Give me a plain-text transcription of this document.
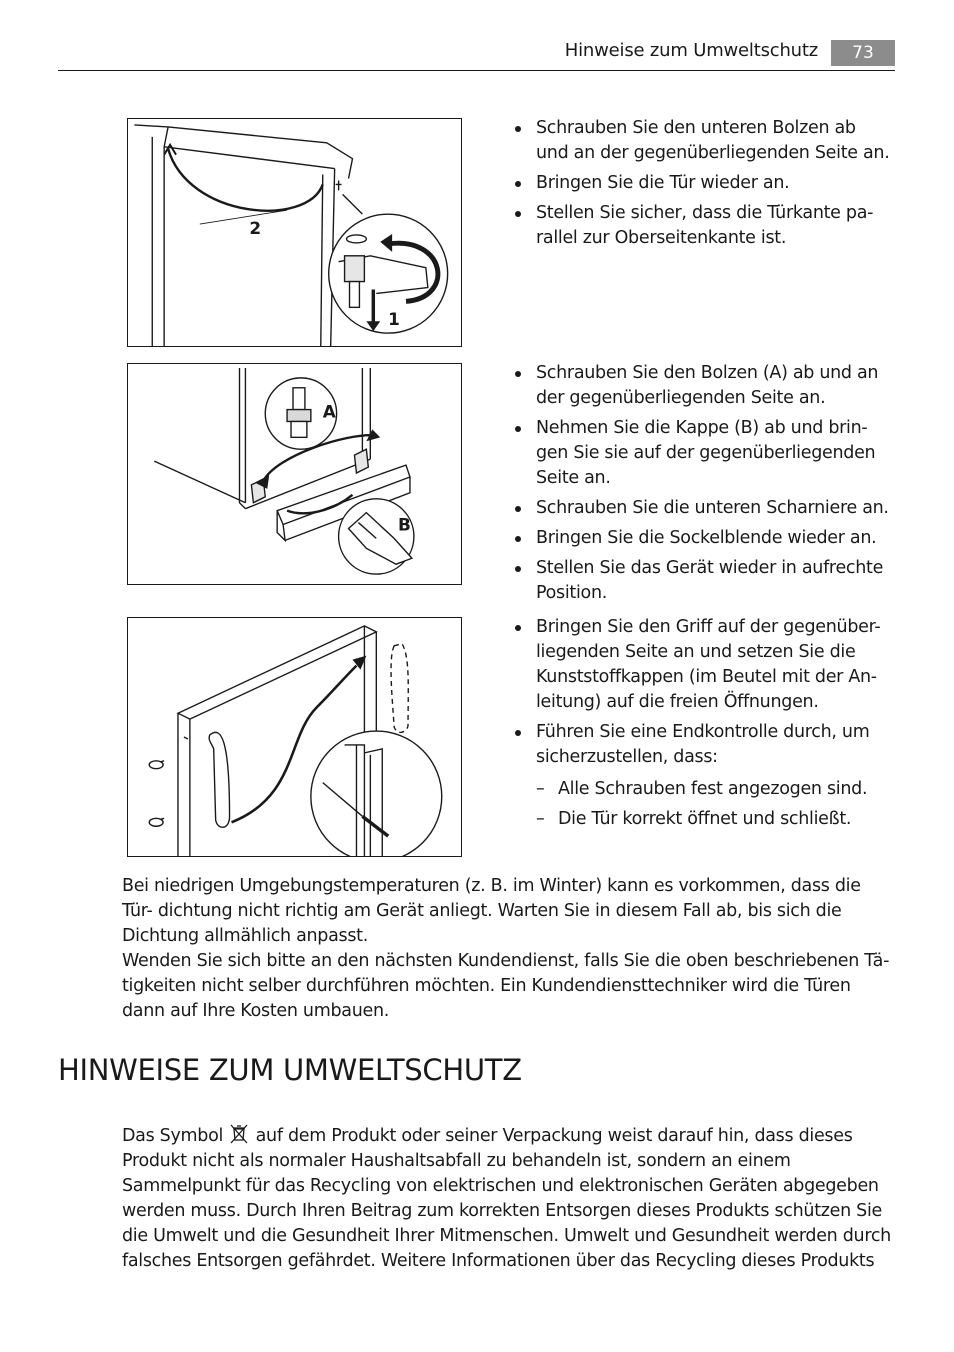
Hinweise zum Umweltschutz	73
1
2
A
B
Schrauben Sie den unteren Bolzen ab und an der gegenüberliegenden Seite an.
Bringen Sie die Tür wieder an.
Stellen Sie sicher, dass die Türkante pa- rallel zur Oberseitenkante ist.
Schrauben Sie den Bolzen (A) ab und an der gegenüberliegenden Seite an.
Nehmen Sie die Kappe (B) ab und brin- gen Sie sie auf der gegenüberliegenden Seite an.
Schrauben Sie die unteren Scharniere an.
Bringen Sie die Sockelblende wieder an.
Stellen Sie das Gerät wieder in aufrechte Position.
Bringen Sie den Griff auf der gegenüber- liegenden Seite an und setzen Sie die Kunststoffkappen (im Beutel mit der An- leitung) auf die freien Öffnungen.
Führen Sie eine Endkontrolle durch, um sicherzustellen, dass:
– Alle Schrauben fest angezogen sind.
– Die Tür korrekt öffnet und schließt.

Bei niedrigen Umgebungstemperaturen (z. B. im Winter) kann es vorkommen, dass die Tür- dichtung nicht richtig am Gerät anliegt. Warten Sie in diesem Fall ab, bis sich die Dichtung allmählich anpasst.

Wenden Sie sich bitte an den nächsten Kundendienst, falls Sie die oben beschriebenen Tä- tigkeiten nicht selber durchführen möchten. Ein Kundendiensttechniker wird die Türen dann auf Ihre Kosten umbauen.

HINWEISE ZUM UMWELTSCHUTZ

Das Symbol auf dem Produkt oder seiner Verpackung weist darauf hin, dass dieses Produkt nicht als normaler Haushaltsabfall zu behandeln ist, sondern an einem Sammelpunkt für das Recycling von elektrischen und elektronischen Geräten abgegeben werden muss. Durch Ihren Beitrag zum korrekten Entsorgen dieses Produkts schützen Sie die Umwelt und die Gesundheit Ihrer Mitmenschen. Umwelt und Gesundheit werden durch falsches Entsorgen gefährdet. Weitere Informationen über das Recycling dieses Produkts
